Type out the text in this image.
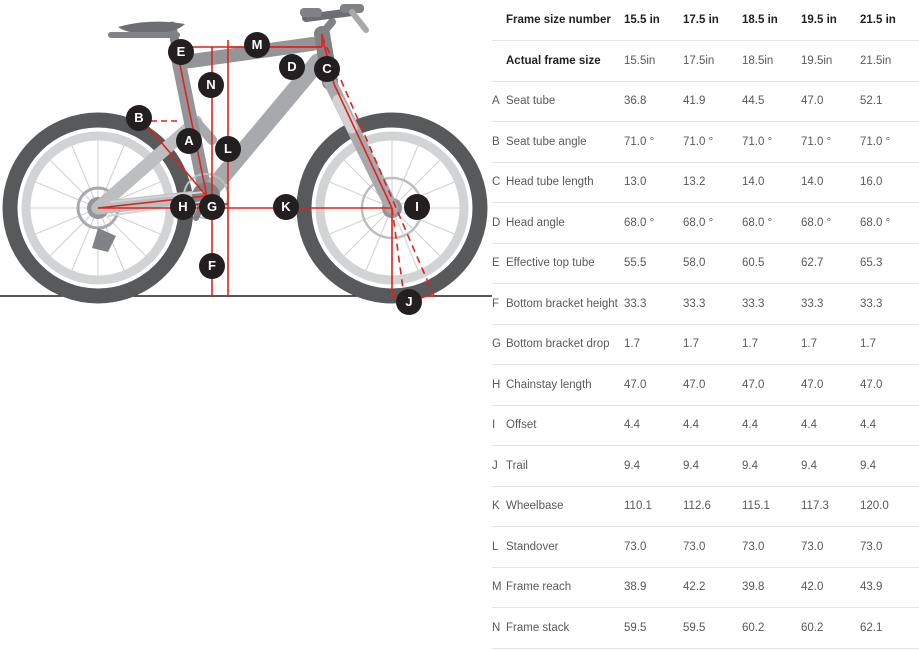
A
B
C
D
E
F
G
H	I
J
K
L
M
N
	Frame size number	15.5 in	17.5 in	18.5 in	19.5 in	21.5 in
	Actual frame size	15.5in	17.5in	18.5in	19.5in	21.5in
A	Seat tube	36.8	41.9	44.5	47.0	52.1
B	Seat tube angle	71.0 °	71.0 °	71.0 °	71.0 °	71.0 °
C	Head tube length	13.0	13.2	14.0	14.0	16.0
D	Head angle	68.0 °	68.0 °	68.0 °	68.0 °	68.0 °
E	Effective top tube	55.5	58.0	60.5	62.7	65.3
F	Bottom bracket height	33.3	33.3	33.3	33.3	33.3
G	Bottom bracket drop	1.7	1.7	1.7	1.7	1.7
H	Chainstay length	47.0	47.0	47.0	47.0	47.0
I	Offset	4.4	4.4	4.4	4.4	4.4
J	Trail	9.4	9.4	9.4	9.4	9.4
K	Wheelbase	110.1	112.6	115.1	117.3	120.0
L	Standover	73.0	73.0	73.0	73.0	73.0
M	Frame reach	38.9	42.2	39.8	42.0	43.9
N	Frame stack	59.5	59.5	60.2	60.2	62.1
